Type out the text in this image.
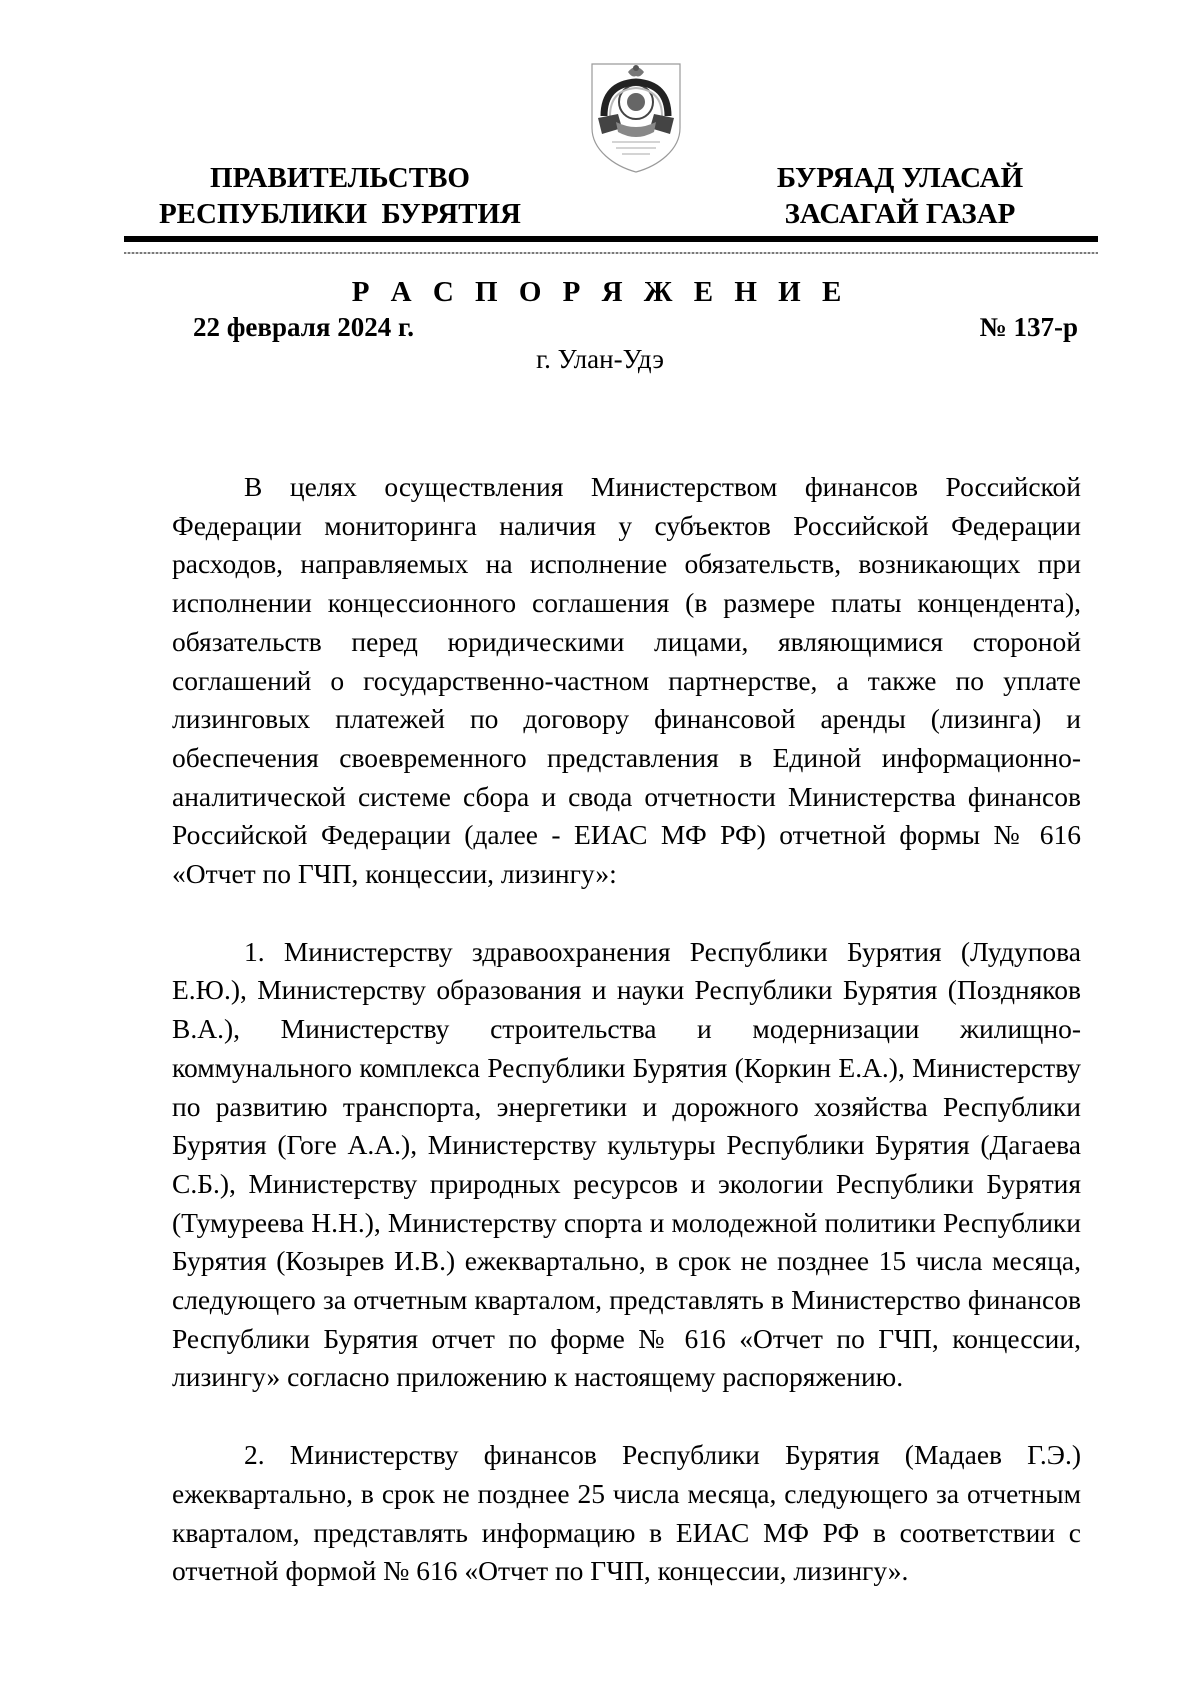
ПРАВИТЕЛЬСТВО
РЕСПУБЛИКИ  БУРЯТИЯ
БУРЯАД УЛАСАЙ
ЗАСАГАЙ ГАЗАР
Р А С П О Р Я Ж Е Н И Е
22 февраля 2024 г.	№ 137-р
г. Улан-Удэ

В целях осуществления Министерством финансов Российской Федерации мониторинга наличия у субъектов Российской Федерации расходов, направляемых на исполнение обязательств, возникающих при исполнении концессионного соглашения (в размере платы концендента), обязательств перед юридическими лицами, являющимися стороной соглашений о государственно-частном партнерстве, а также по уплате лизинговых платежей по договору финансовой аренды (лизинга) и обеспечения своевременного представления в Единой информационно-аналитической системе сбора и свода отчетности Министерства финансов Российской Федерации (далее - ЕИАС МФ РФ) отчетной формы № 616 «Отчет по ГЧП, концессии, лизингу»:

1. Министерству здравоохранения Республики Бурятия (Лудупова Е.Ю.), Министерству образования и науки Республики Бурятия (Поздняков В.А.), Министерству строительства и модернизации жилищно-коммунального комплекса Республики Бурятия (Коркин Е.А.), Министерству по развитию транспорта, энергетики и дорожного хозяйства Республики Бурятия (Гоге А.А.), Министерству культуры Республики Бурятия (Дагаева С.Б.), Министерству природных ресурсов и экологии Республики Бурятия (Тумуреева Н.Н.), Министерству спорта и молодежной политики Республики Бурятия (Козырев И.В.) ежеквартально, в срок не позднее 15 числа месяца, следующего за отчетным кварталом, представлять в Министерство финансов Республики Бурятия отчет по форме № 616 «Отчет по ГЧП, концессии, лизингу» согласно приложению к настоящему распоряжению.

2. Министерству финансов Республики Бурятия (Мадаев Г.Э.) ежеквартально, в срок не позднее 25 числа месяца, следующего за отчетным кварталом, представлять информацию в ЕИАС МФ РФ в соответствии с отчетной формой № 616 «Отчет по ГЧП, концессии, лизингу».
